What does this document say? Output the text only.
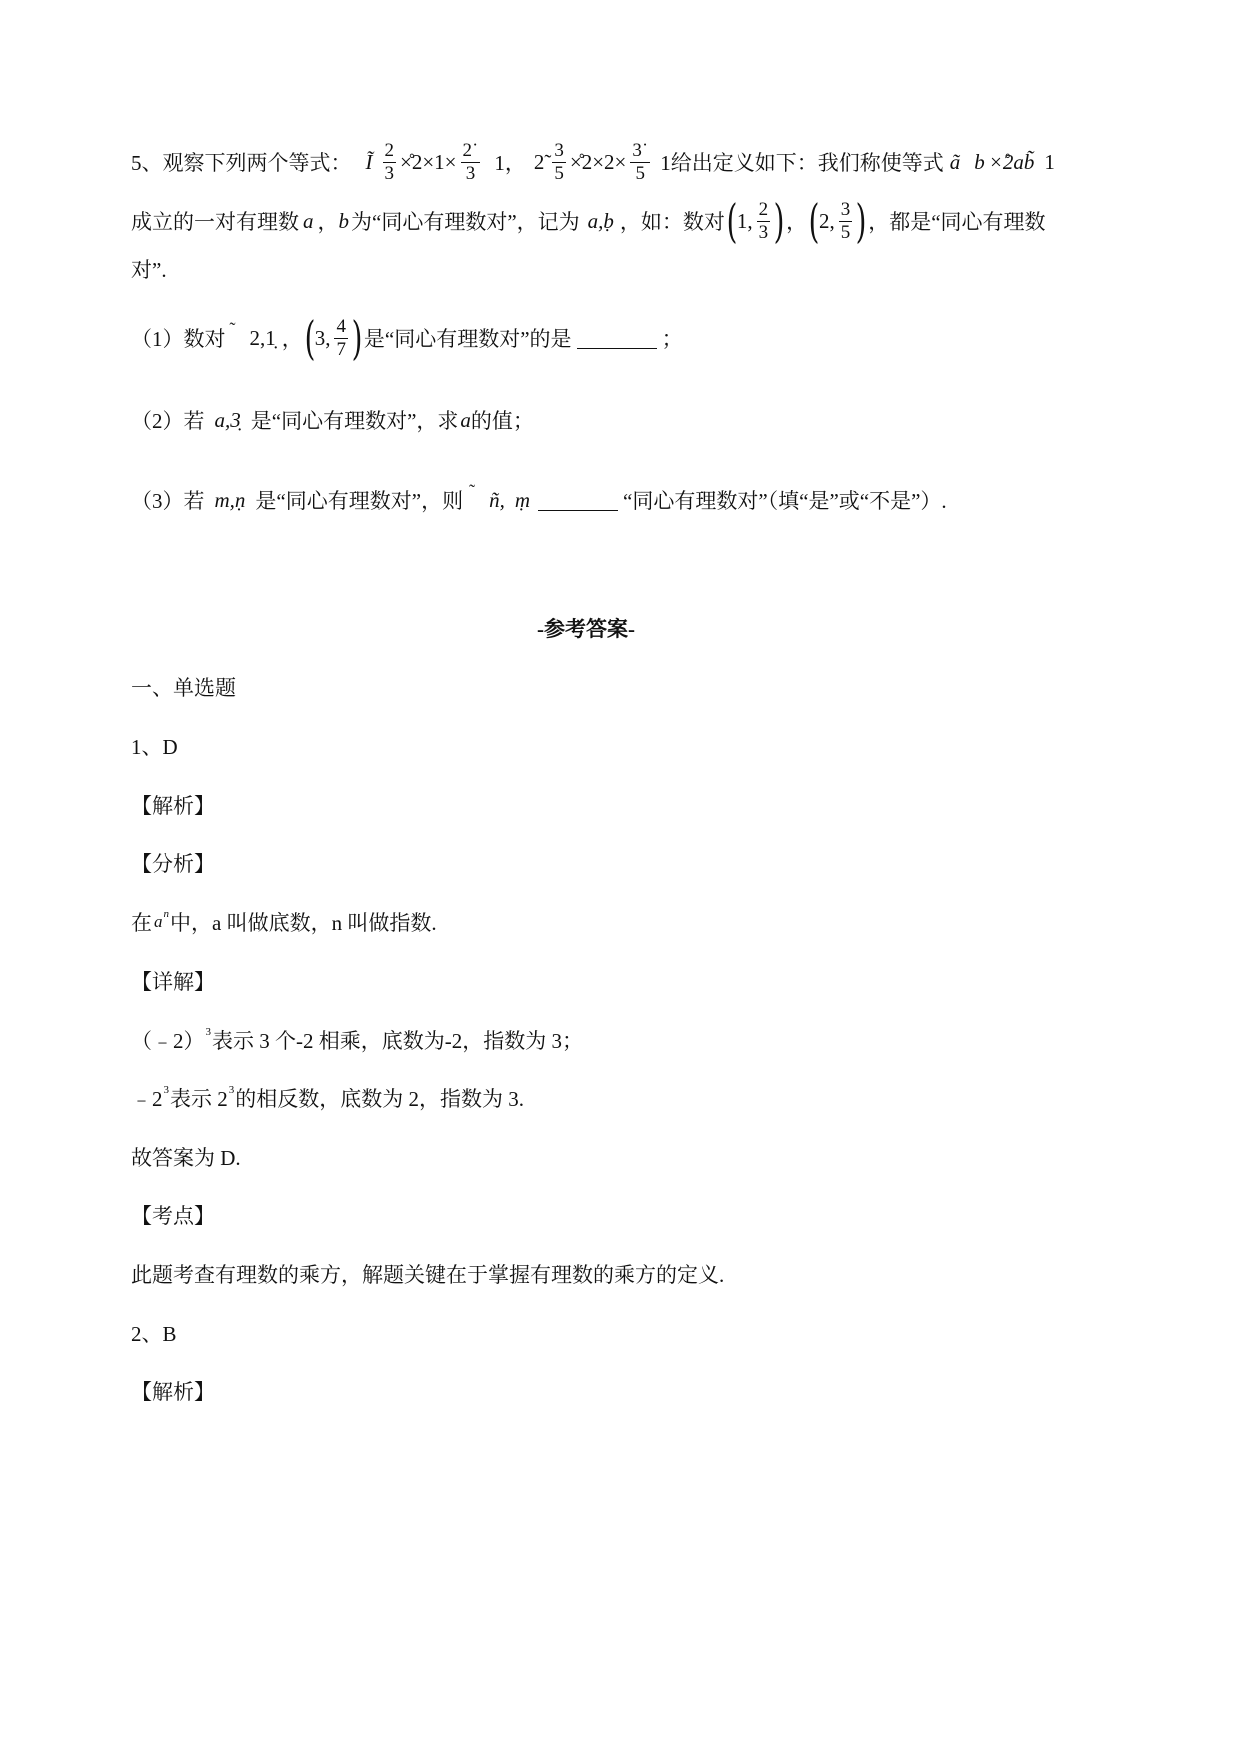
5、观察下列两个等式： Ĩ $\frac{2}{3}$ ×̊2×1× $\frac{2˙}{3} 1$， 2̃ $\frac{3}{5}$ ×̊2×2× $\frac{3˙}{5} 1$给出定义如下：我们称使等式 ã b ×̊2ab̃ 1
成立的一对有理数 a ， b 为“同心有理数对”，记为 a,ḅ ，如：数对 ( 1, $\frac{2}{3}$ ) ， ( 2, $\frac{3}{5}$ ) ，都是“同心有理数
对”.
（1）数对 ˜ 2,1̣ ， ( 3, $\frac{4}{7}$ ) 是“同心有理数对”的是	；
（2）若 a,3̣ 是“同心有理数对”，求 a 的值；
（3）若 m,ṇ 是“同心有理数对”，则 ˜ ñ, ṃ	“同心有理数对”（填“是”或“不是”）.
-参考答案-
一、单选题
1、D
【解析】
【分析】
在 a n 中，a 叫做底数，n 叫做指数.
【详解】
（﹣2） 3 表示 3 个-2 相乘，底数为-2，指数为 3；
﹣2 3 表示 2 3 的相反数，底数为 2，指数为 3.
故答案为 D.
【考点】
此题考查有理数的乘方，解题关键在于掌握有理数的乘方的定义.
2、B
【解析】
